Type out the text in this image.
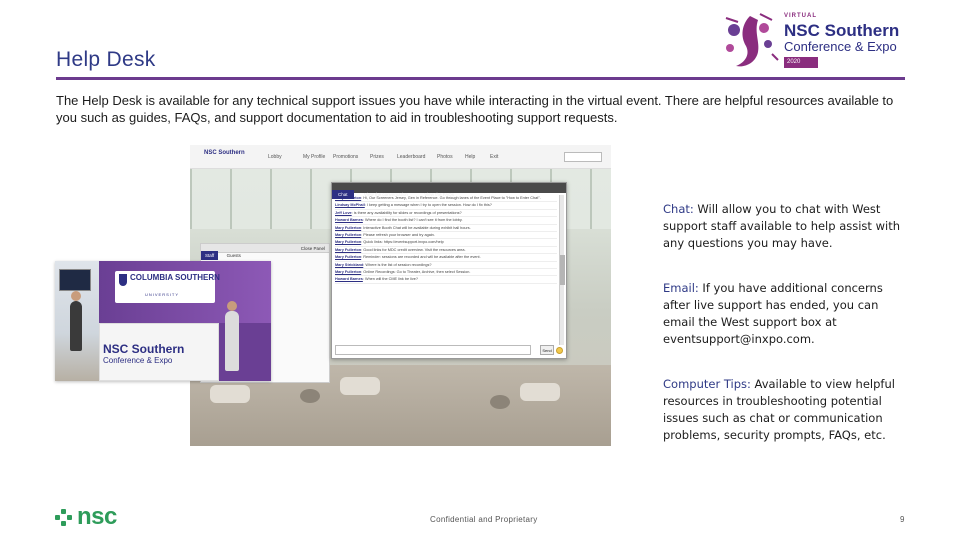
Help Desk
VIRTUAL
NSC Southern
Conference & Expo
2020
The Help Desk is available for any technical support issues you have while interacting in the virtual event. There are helpful resources available to you such as guides, FAQs, and support documentation to aid in troubleshooting support requests.
NSC Southern
Lobby	My Profile Promotions Prizes	Leaderboard Photos Help	Exit
Staff	Guests
Close Panel
Chat	View the conversation	View the FAQs
Mary Fullerton: Hi, Our Screeners Jersey, Gen in Reference. Go through lanes of the Event Place to "How to Enter Chat".
Lindsay McPhail: I keep getting a message when I try to open the session. How do I fix this?
Jeff Love: is there any availability for slides or recordings of presentations?
Howard Barnes: Where do I find the booth list? I can't see it from the lobby.
Mary Fullerton: Interactive Booth Chat will be available during exhibit hall hours.
Mary Fullerton: Please refresh your browser and try again.
Mary Fullerton: Quick links: https://eventsupport.inxpo.com/help
Mary Fullerton: Good links for MDC credit overview. Visit the resources area.
Mary Fullerton: Reminder: sessions are recorded and will be available after the event.
Mary Strickland: Where is the list of session recordings?
Mary Fullerton: Online Recordings: Go to Theater, Archive, then select Session.
Howard Barnes: When will the CME link be live?
Send
COLUMBIA SOUTHERN
UNIVERSITY
NSC Southern
Conference & Expo
Chat: Will allow you to chat with West support staff available to help assist with any questions you may have.
Email: If you have additional concerns after live support has ended, you can email the West support box at eventsupport@inxpo.com.
Computer Tips: Available to view helpful resources in troubleshooting potential issues such as chat or communication problems, security prompts, FAQs, etc.
nsc	Confidential and Proprietary	9
